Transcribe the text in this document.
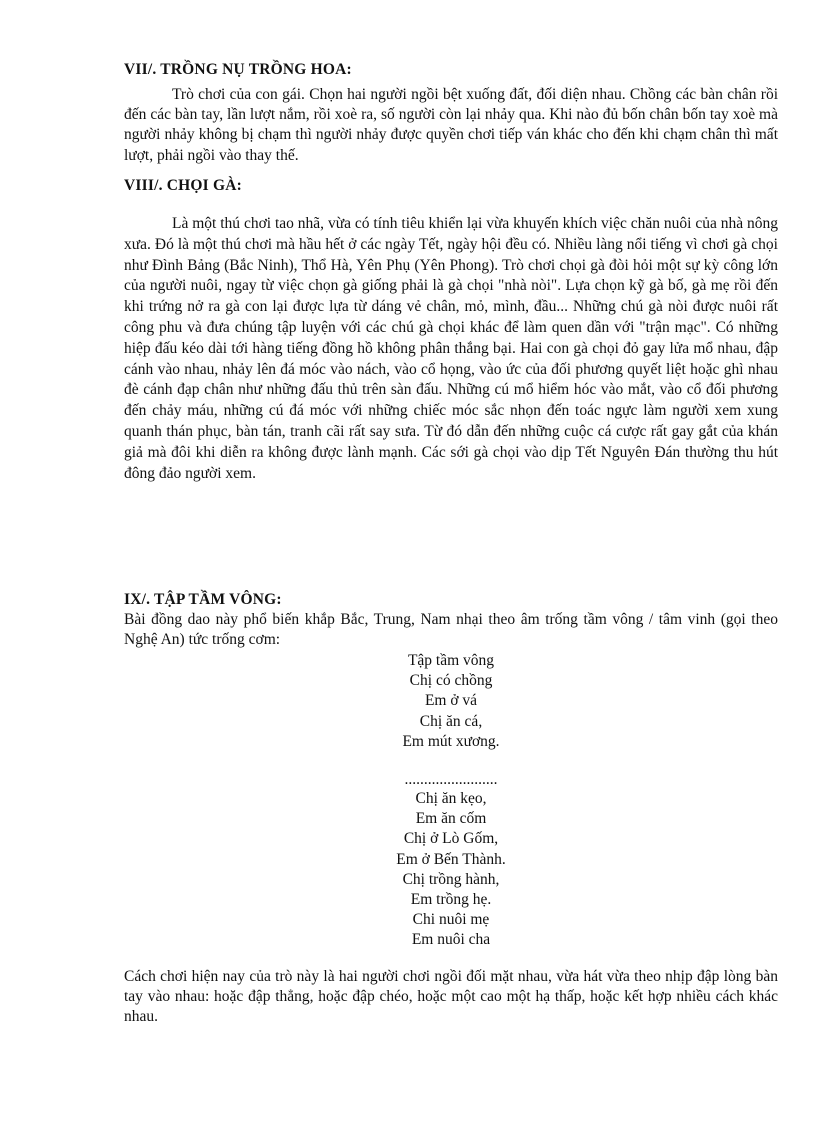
VII/. TRỒNG NỤ TRỒNG HOA:

Trò chơi của con gái. Chọn hai người ngồi bệt xuống đất, đối diện nhau. Chồng các bàn chân rồi đến các bàn tay, lần lượt nắm, rồi xoè ra, số người còn lại nhảy qua. Khi nào đủ bốn chân bốn tay xoè mà người nhảy không bị chạm thì người nhảy được quyền chơi tiếp ván khác cho đến khi chạm chân thì mất lượt, phải ngồi vào thay thế.

VIII/. CHỌI GÀ:

Là một thú chơi tao nhã, vừa có tính tiêu khiển lại vừa khuyến khích việc chăn nuôi của nhà nông xưa. Đó là một thú chơi mà hầu hết ở các ngày Tết, ngày hội đều có. Nhiều làng nổi tiếng vì chơi gà chọi như Đình Bảng (Bắc Ninh), Thổ Hà, Yên Phụ (Yên Phong). Trò chơi chọi gà đòi hỏi một sự kỳ công lớn của người nuôi, ngay từ việc chọn gà giống phải là gà chọi "nhà nòi". Lựa chọn kỹ gà bố, gà mẹ rồi đến khi trứng nở ra gà con lại được lựa từ dáng vẻ chân, mỏ, mình, đầu... Những chú gà nòi được nuôi rất công phu và đưa chúng tập luyện với các chú gà chọi khác để làm quen dần với "trận mạc". Có những hiệp đấu kéo dài tới hàng tiếng đồng hồ không phân thắng bại. Hai con gà chọi đỏ gay lửa mổ nhau, đập cánh vào nhau, nhảy lên đá móc vào nách, vào cổ họng, vào ức của đối phương quyết liệt hoặc ghì nhau đè cánh đạp chân như những đấu thủ trên sàn đấu. Những cú mổ hiểm hóc vào mắt, vào cổ đối phương đến chảy máu, những cú đá móc với những chiếc móc sắc nhọn đến toác ngực làm người xem xung quanh thán phục, bàn tán, tranh cãi rất say sưa. Từ đó dẫn đến những cuộc cá cược rất gay gắt của khán giả mà đôi khi diễn ra không được lành mạnh. Các sới gà chọi vào dịp Tết Nguyên Đán thường thu hút đông đảo người xem.

IX/. TẬP TẦM VÔNG:

Bài đồng dao này phổ biến khắp Bắc, Trung, Nam nhại theo âm trống tầm vông / tâm vinh (gọi theo Nghệ An) tức trống cơm:

Tập tầm vông
Chị có chồng
Em ở vá
Chị ăn cá,
Em mút xương.
........................
Chị ăn kẹo,
Em ăn cốm
Chị ở Lò Gốm,
Em ở Bến Thành.
Chị trồng hành,
Em trồng hẹ.
Chi nuôi mẹ
Em nuôi cha

Cách chơi hiện nay của trò này là hai người chơi ngồi đối mặt nhau, vừa hát vừa theo nhịp đập lòng bàn tay vào nhau: hoặc đập thẳng, hoặc đập chéo, hoặc một cao một hạ thấp, hoặc kết hợp nhiều cách khác nhau.
